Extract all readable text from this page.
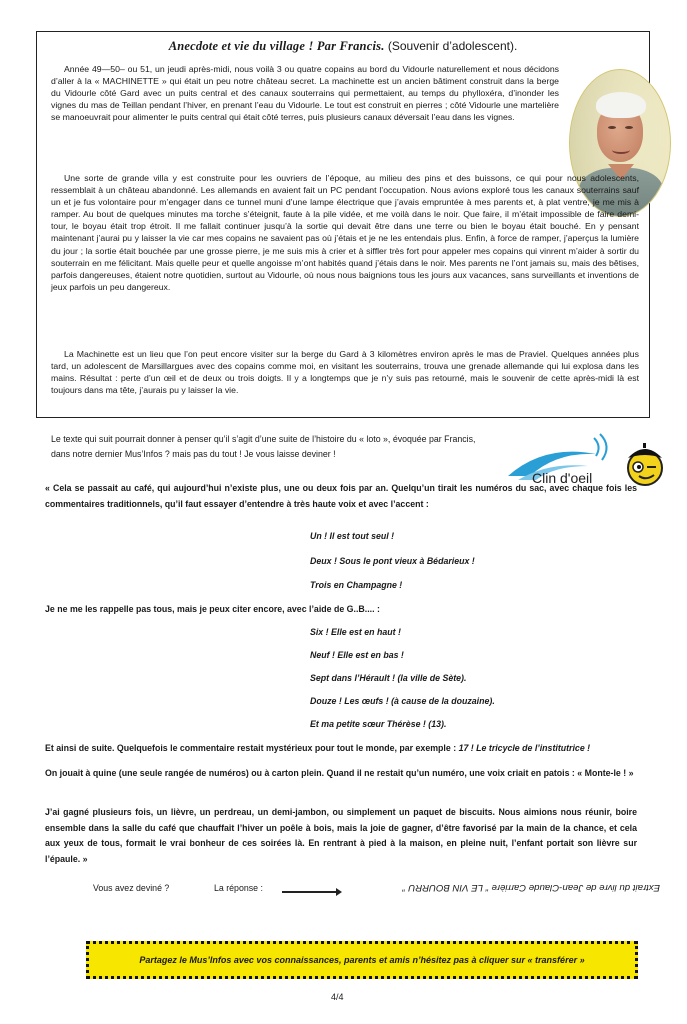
Anecdote et vie du village ! Par Francis. (Souvenir d’adolescent).

Année 49—50– ou 51, un jeudi après-midi, nous voilà 3 ou quatre copains au bord du Vidourle naturellement et nous décidons d’aller à la « MACHINETTE » qui était un peu notre château secret. La machinette est un ancien bâtiment construit dans la berge du Vidourle côté Gard avec un puits central et des canaux souterrains qui permettaient, au temps du phylloxéra, d’inonder les vignes du mas de Teillan pendant l’hiver, en prenant l’eau du Vidourle. Le tout est construit en pierres ; côté Vidourle une martelière se manoeuvrait pour alimenter le puits central qui était côté terres, puis plusieurs canaux déversait l’eau dans les vignes.

Une sorte de grande villa y est construite pour les ouvriers de l’époque, au milieu des pins et des buissons, ce qui pour nous adolescents, ressemblait à un château abandonné. Les allemands en avaient fait un PC pendant l’occupation. Nous avions exploré tous les canaux souterrains sauf un et je fus volontaire pour m’engager dans ce tunnel muni d’une lampe électrique que j’avais empruntée à mes parents et, à plat ventre, je me mis à ramper. Au bout de quelques minutes ma torche s’éteignit, faute à la pile vidée, et me voilà dans le noir. Que faire, il m’était impossible de faire demi-tour, le boyau était trop étroit. Il me fallait continuer jusqu’à la sortie qui devait être dans une terre ou bien le boyau était bouché. En y pensant maintenant j’aurai pu y laisser la vie car mes copains ne savaient pas où j’étais et je ne les entendais plus. Enfin, à force de ramper, j’aperçus la lumière du jour ; la sortie était bouchée par une grosse pierre, je me suis mis à crier et à siffler très fort pour appeler mes copains qui vinrent m’aider à sortir du souterrain en me félicitant. Mais quelle peur et quelle angoisse m’ont habités quand j’étais dans le noir. Mes parents ne l’ont jamais su, mais des bêtises, parfois dangereuses, étaient notre quotidien, surtout au Vidourle, où nous nous baignions tous les jours aux vacances, sans surveillants et inventions de jeux parfois un peu dangereux.

La Machinette est un lieu que l’on peut encore visiter sur la berge du Gard à 3 kilomètres environ après le mas de Praviel. Quelques années plus tard, un adolescent de Marsillargues avec des copains comme moi, en visitant les souterrains, trouva une grenade allemande qui lui explosa dans les mains. Résultat : perte d’un œil et de deux ou trois doigts. Il y a longtemps que je n’y suis pas retourné, mais le souvenir de cette après-midi là est toujours dans ma tête, j’aurais pu y laisser la vie.

Le texte qui suit pourrait donner à penser qu’il s’agit d’une suite de l’histoire du « loto », évoquée par Francis, dans notre dernier Mus’Infos ? mais pas du tout ! Je vous laisse deviner !

Clin d'oeil

« Cela se passait au café, qui aujourd’hui n’existe plus, une ou deux fois par an. Quelqu’un tirait les numéros du sac, avec chaque fois les commentaires traditionnels, qu’il faut essayer d’entendre à très haute voix et avec l’accent :

Un ! Il est tout seul !
Deux ! Sous le pont vieux à Bédarieux !
Trois en Champagne !

Je ne me les rappelle pas tous, mais je peux citer encore, avec l’aide de G..B.... :

Six ! Elle est en haut !
Neuf ! Elle est en bas !
Sept dans l’Hérault ! (la ville de Sète).
Douze ! Les œufs ! (à cause de la douzaine).
Et ma petite sœur Thérèse ! (13).

Et ainsi de suite. Quelquefois le commentaire restait mystérieux pour tout le monde, par exemple : 17 ! Le tricycle de l’institutrice !

On jouait à quine (une seule rangée de numéros) ou à carton plein. Quand il ne restait qu’un numéro, une voix criait en patois : « Monte-le ! »

J’ai gagné plusieurs fois, un lièvre, un perdreau, un demi-jambon, ou simplement un paquet de biscuits. Nous aimions nous réunir, boire ensemble dans la salle du café que chauffait l’hiver un poêle à bois, mais la joie de gagner, d’être favorisé par la main de la chance, et cela aux yeux de tous, formait le vrai bonheur de ces soirées là. En rentrant à pied à la maison, en pleine nuit, l’enfant portait son lièvre sur l’épaule. »

Vous avez deviné ?	La réponse :	Extrait du livre de Jean-Claude Carrière “ LE VIN BOURRU ”
Partagez le Mus’Infos avec vos connaissances, parents et amis n’hésitez pas à cliquer sur « transférer »
4/4
